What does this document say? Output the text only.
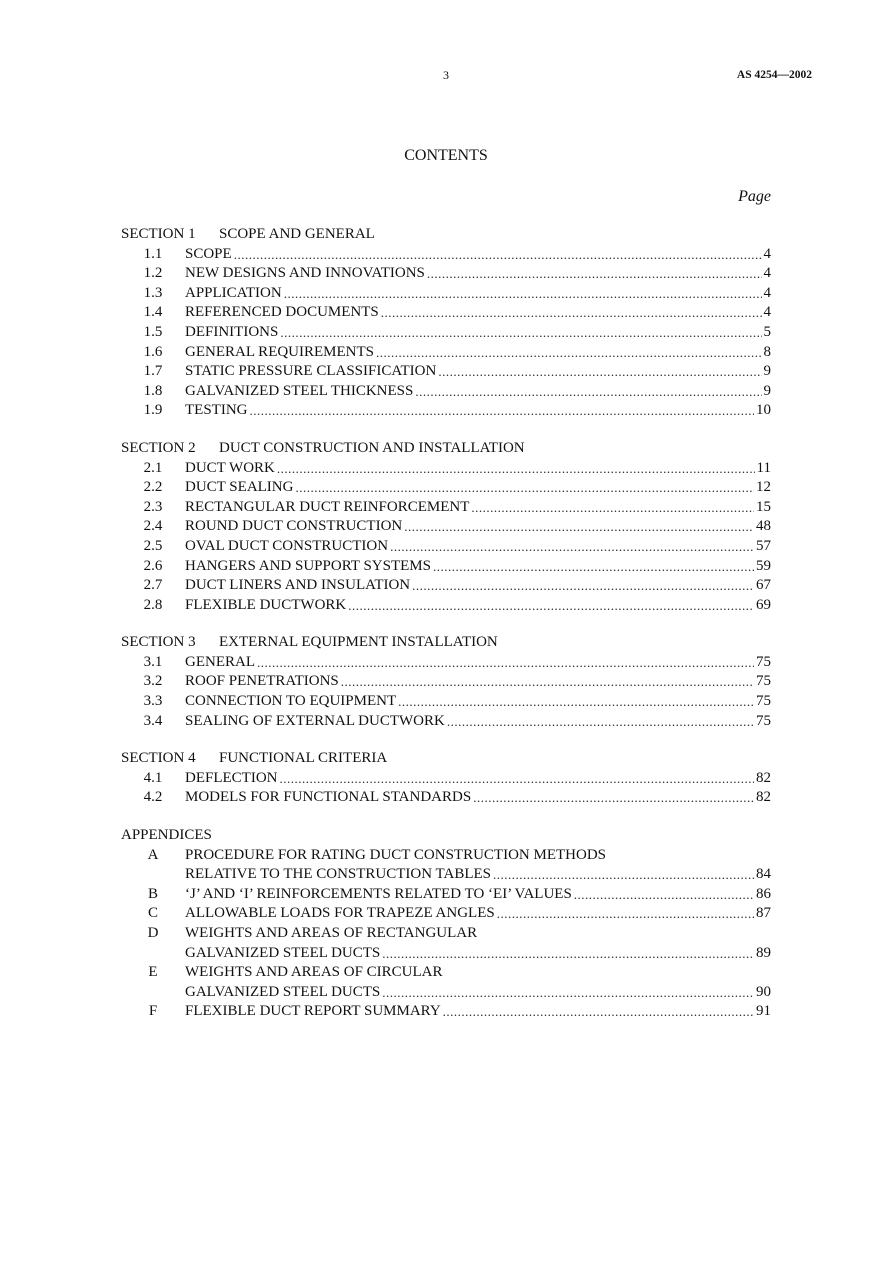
3	AS 4254—2002
CONTENTS
Page
SECTION 1 SCOPE AND GENERAL
1.1	SCOPE .....	4
1.2	NEW DESIGNS AND INNOVATIONS .....	4
1.3	APPLICATION .....	4
1.4	REFERENCED DOCUMENTS .....	4
1.5	DEFINITIONS .....	5
1.6	GENERAL REQUIREMENTS .....	8
1.7	STATIC PRESSURE CLASSIFICATION .....	9
1.8	GALVANIZED STEEL THICKNESS .....	9
1.9	TESTING .....	10
SECTION 2 DUCT CONSTRUCTION AND INSTALLATION
2.1	DUCT WORK .....	11
2.2	DUCT SEALING .....	12
2.3	RECTANGULAR DUCT REINFORCEMENT .....	15
2.4	ROUND DUCT CONSTRUCTION .....	48
2.5	OVAL DUCT CONSTRUCTION .....	57
2.6	HANGERS AND SUPPORT SYSTEMS .....	59
2.7	DUCT LINERS AND INSULATION .....	67
2.8	FLEXIBLE DUCTWORK .....	69
SECTION 3 EXTERNAL EQUIPMENT INSTALLATION
3.1	GENERAL .....	75
3.2	ROOF PENETRATIONS .....	75
3.3	CONNECTION TO EQUIPMENT .....	75
3.4	SEALING OF EXTERNAL DUCTWORK .....	75
SECTION 4 FUNCTIONAL CRITERIA
4.1	DEFLECTION .....	82
4.2	MODELS FOR FUNCTIONAL STANDARDS .....	82
APPENDICES
A	PROCEDURE FOR RATING DUCT CONSTRUCTION METHODS
RELATIVE TO THE CONSTRUCTION TABLES .....	84
B	‘J’ AND ‘I’ REINFORCEMENTS RELATED TO ‘EI’ VALUES .....	86
C	ALLOWABLE LOADS FOR TRAPEZE ANGLES .....	87
D	WEIGHTS AND AREAS OF RECTANGULAR
GALVANIZED STEEL DUCTS .....	89
E	WEIGHTS AND AREAS OF CIRCULAR
GALVANIZED STEEL DUCTS .....	90
F	FLEXIBLE DUCT REPORT SUMMARY .....	91
